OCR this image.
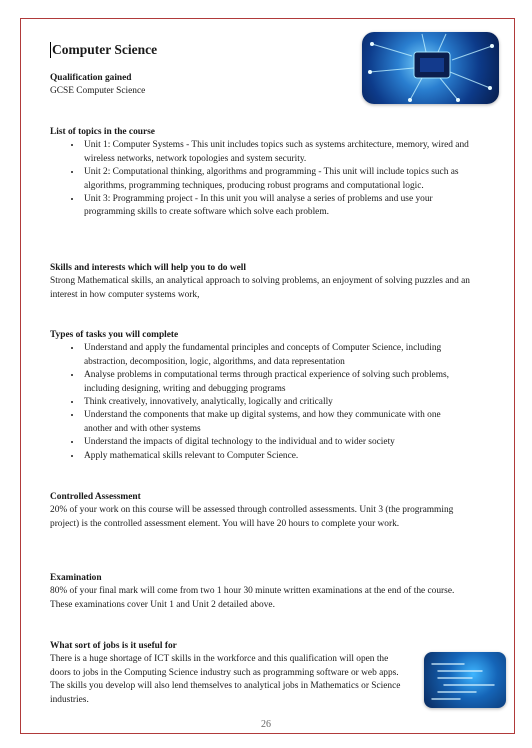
Computer Science
Qualification gained
GCSE Computer Science
List of topics in the course
• Unit 1: Computer Systems - This unit includes topics such as systems architecture, memory, wired and wireless networks, network topologies and system security.
• Unit 2: Computational thinking, algorithms and programming - This unit will include topics such as algorithms, programming techniques, producing robust programs and computational logic.
• Unit 3: Programming project - In this unit you will analyse a series of problems and use your programming skills to create software which solve each problem.
Skills and interests which will help you to do well
Strong Mathematical skills, an analytical approach to solving problems, an enjoyment of solving puzzles and an interest in how computer systems work,
Types of tasks you will complete
• Understand and apply the fundamental principles and concepts of Computer Science, including abstraction, decomposition, logic, algorithms, and data representation
• Analyse problems in computational terms through practical experience of solving such problems, including designing, writing and debugging programs
• Think creatively, innovatively, analytically, logically and critically
• Understand the components that make up digital systems, and how they communicate with one another and with other systems
• Understand the impacts of digital technology to the individual and to wider society
• Apply mathematical skills relevant to Computer Science.
Controlled Assessment
20% of your work on this course will be assessed through controlled assessments. Unit 3 (the programming project) is the controlled assessment element. You will have 20 hours to complete your work.
Examination
80% of your final mark will come from two 1 hour 30 minute written examinations at the end of the course. These examinations cover Unit 1 and Unit 2 detailed above.
What sort of jobs is it useful for
There is a huge shortage of ICT skills in the workforce and this qualification will open the doors to jobs in the Computing Science industry such as programming software or web apps. The skills you develop will also lend themselves to analytical jobs in Mathematics or Science industries.
26
